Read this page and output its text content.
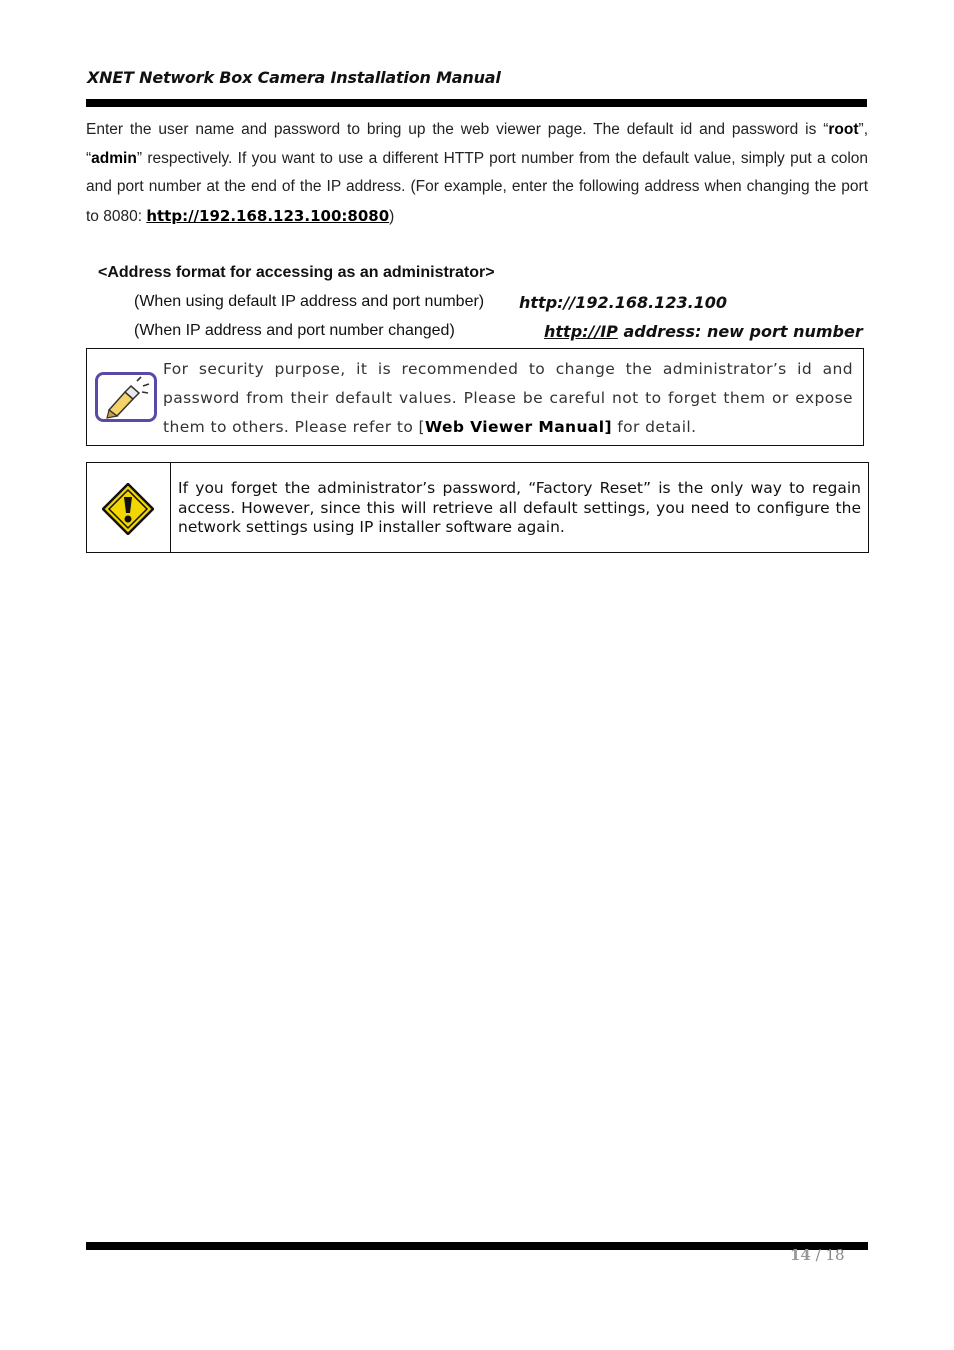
XNET Network Box Camera Installation Manual
Enter the user name and password to bring up the web viewer page. The default id and password is “root”, “admin” respectively. If you want to use a different HTTP port number from the default value, simply put a colon and port number at the end of the IP address. (For example, enter the following address when changing the port to 8080: http://192.168.123.100:8080)
<Address format for accessing as an administrator>
(When using default IP address and port number) http://192.168.123.100
(When IP address and port number changed)	http://IP address: new port number
For security purpose, it is recommended to change the administrator’s id and password from their default values. Please be careful not to forget them or expose them to others. Please refer to [Web Viewer Manual] for detail.
If you forget the administrator’s password, “Factory Reset” is the only way to regain access. However, since this will retrieve all default settings, you need to configure the network settings using IP installer software again.
14 / 18
